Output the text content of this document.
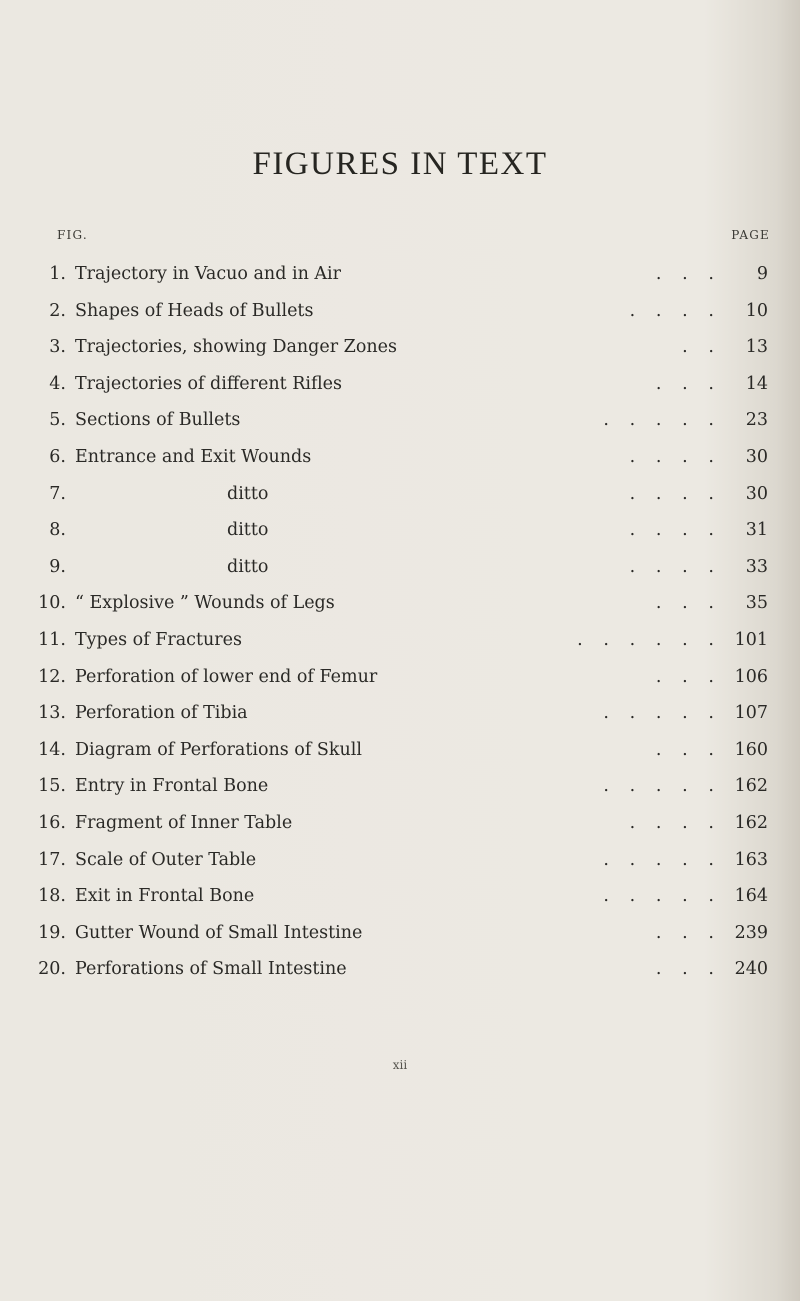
FIGURES IN TEXT
FIG.	PAGE
1. Trajectory in Vacuo and in Air	.   .   . 9
2. Shapes of Heads of Bullets	.   .   .   . 10
3. Trajectories, showing Danger Zones	.   . 13
4. Trajectories of different Rifles	.   .   . 14
5. Sections of Bullets	.   .   .   .   . 23
6. Entrance and Exit Wounds	.   .   .   . 30
7.	ditto	.   .   .   . 30
8.	ditto	.   .   .   . 31
9.	ditto	.   .   .   . 33
10. “ Explosive ” Wounds of Legs	.   .   . 35
11. Types of Fractures	.   .   .   .   .   . 101
12. Perforation of lower end of Femur	.   .   . 106
13. Perforation of Tibia	.   .   .   .   . 107
14. Diagram of Perforations of Skull	.   .   . 160
15. Entry in Frontal Bone	.   .   .   .   . 162
16. Fragment of Inner Table	.   .   .   . 162
17. Scale of Outer Table	.   .   .   .   . 163
18. Exit in Frontal Bone	.   .   .   .   . 164
19. Gutter Wound of Small Intestine	.   .   . 239
20. Perforations of Small Intestine	.   .   . 240
xii
